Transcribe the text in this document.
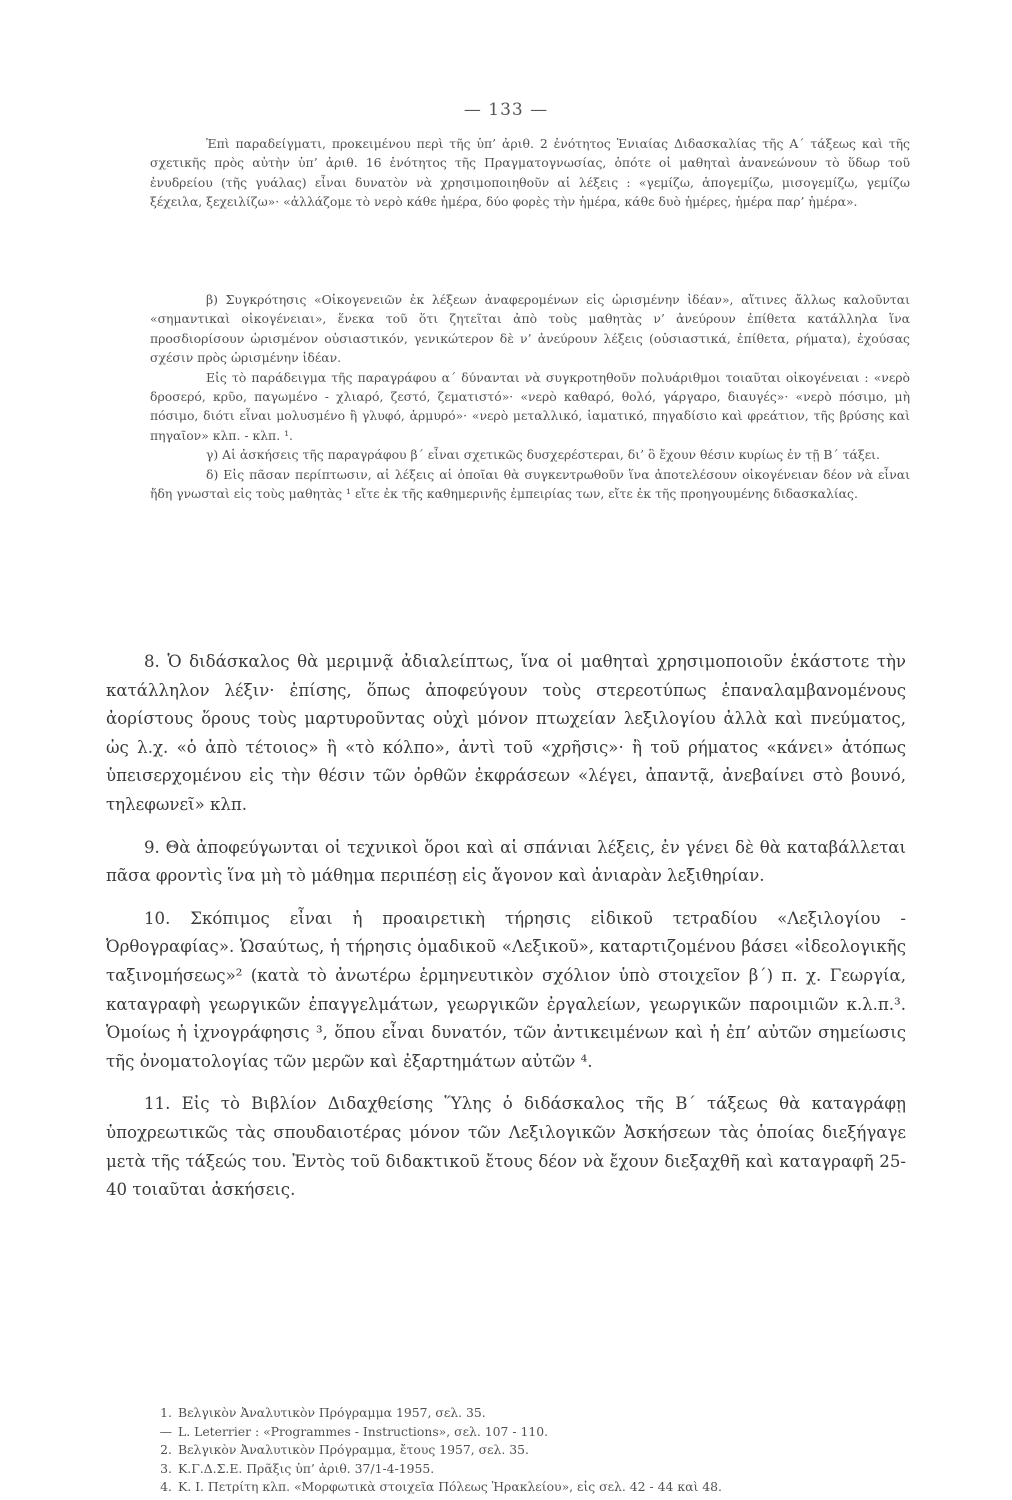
— 133 —

Ἐπὶ παραδείγματι, προκειμένου περὶ τῆς ὑπ’ ἀριθ. 2 ἐνότητος Ἑνιαίας Διδασκαλίας τῆς Α΄ τάξεως καὶ τῆς σχετικῆς πρὸς αὐτὴν ὑπ’ ἀριθ. 16 ἐνότητος τῆς Πραγματογνωσίας, ὁπότε οἱ μαθηταὶ ἀνανεώνουν τὸ ὕδωρ τοῦ ἐνυδρείου (τῆς γυάλας) εἶναι δυνατὸν νὰ χρησιμοποιηθοῦν αἱ λέξεις : «γεμίζω, ἀπογεμίζω, μισογεμίζω, γεμίζω ξέχειλα, ξεχειλίζω»· «ἀλλάζομε τὸ νερὸ κάθε ἡμέρα, δύο φορὲς τὴν ἡμέρα, κάθε δυὸ ἡμέρες, ἡμέρα παρ’ ἡμέρα».

β) Συγκρότησις «Οἰκογενειῶν ἐκ λέξεων ἀναφερομένων εἰς ὡρισμένην ἰδέαν», αἵτινες ἄλλως καλοῦνται «σημαντικαὶ οἰκογένειαι», ἕνεκα τοῦ ὅτι ζητεῖται ἀπὸ τοὺς μαθητὰς ν’ ἀνεύρουν ἐπίθετα κατάλληλα ἵνα προσδιορίσουν ὡρισμένον οὐσιαστικόν, γενικώτερον δὲ ν’ ἀνεύρουν λέξεις (οὐσιαστικά, ἐπίθετα, ρήματα), ἐχούσας σχέσιν πρὸς ὡρισμένην ἰδέαν.

Εἰς τὸ παράδειγμα τῆς παραγράφου α΄ δύνανται νὰ συγκροτηθοῦν πολυάριθμοι τοιαῦται οἰκογένειαι : «νερὸ δροσερό, κρῦο, παγωμένο - χλιαρό, ζεστό, ζεματιστό»· «νερὸ καθαρό, θολό, γάργαρο, διαυγές»· «νερὸ πόσιμο, μὴ πόσιμο, διότι εἶναι μολυσμένο ἢ γλυφό, ἁρμυρό»· «νερὸ μεταλλικό, ἰαματικό, πηγαδίσιο καὶ φρεάτιον, τῆς βρύσης καὶ πηγαῖον» κλπ. - κλπ. ¹.

γ) Αἱ ἀσκήσεις τῆς παραγράφου β΄ εἶναι σχετικῶς δυσχερέστεραι, δι’ ὃ ἔχουν θέσιν κυρίως ἐν τῇ Β΄ τάξει.

δ) Εἰς πᾶσαν περίπτωσιν, αἱ λέξεις αἱ ὁποῖαι θὰ συγκεντρωθοῦν ἵνα ἀποτελέσουν οἰκογένειαν δέον νὰ εἶναι ἤδη γνωσταὶ εἰς τοὺς μαθητὰς ¹ εἴτε ἐκ τῆς καθημερινῆς ἐμπειρίας των, εἴτε ἐκ τῆς προηγουμένης διδασκαλίας.

8. Ὁ διδάσκαλος θὰ μεριμνᾷ ἀδιαλείπτως, ἵνα οἱ μαθηταὶ χρησιμοποιοῦν ἑκάστοτε τὴν κατάλληλον λέξιν· ἐπίσης, ὅπως ἀποφεύγουν τοὺς στερεοτύπως ἐπαναλαμβανομένους ἀορίστους ὅρους τοὺς μαρτυροῦντας οὐχὶ μόνον πτωχείαν λεξιλογίου ἀλλὰ καὶ πνεύματος, ὡς λ.χ. «ὁ ἀπὸ τέτοιος» ἢ «τὸ κόλπο», ἀντὶ τοῦ «χρῆσις»· ἢ τοῦ ρήματος «κάνει» ἀτόπως ὑπεισερχομένου εἰς τὴν θέσιν τῶν ὀρθῶν ἐκφράσεων «λέγει, ἀπαντᾷ, ἀνεβαίνει στὸ βουνό, τηλεφωνεῖ» κλπ.

9. Θὰ ἀποφεύγωνται οἱ τεχνικοὶ ὅροι καὶ αἱ σπάνιαι λέξεις, ἐν γένει δὲ θὰ καταβάλλεται πᾶσα φροντὶς ἵνα μὴ τὸ μάθημα περιπέσῃ εἰς ἄγονον καὶ ἀνιαρὰν λεξιθηρίαν.

10. Σκόπιμος εἶναι ἡ προαιρετικὴ τήρησις εἰδικοῦ τετραδίου «Λεξιλογίου - Ὀρθογραφίας». Ὡσαύτως, ἡ τήρησις ὁμαδικοῦ «Λεξικοῦ», καταρτιζομένου βάσει «ἰδεολογικῆς ταξινομήσεως»² (κατὰ τὸ ἀνωτέρω ἑρμηνευτικὸν σχόλιον ὑπὸ στοιχεῖον β΄) π. χ. Γεωργία, καταγραφὴ γεωργικῶν ἐπαγγελμάτων, γεωργικῶν ἐργαλείων, γεωργικῶν παροιμιῶν κ.λ.π.³. Ὁμοίως ἡ ἰχνογράφησις ³, ὅπου εἶναι δυνατόν, τῶν ἀντικειμένων καὶ ἡ ἐπ’ αὐτῶν σημείωσις τῆς ὀνοματολογίας τῶν μερῶν καὶ ἐξαρτημάτων αὐτῶν ⁴.

11. Εἰς τὸ Βιβλίον Διδαχθείσης Ὕλης ὁ διδάσκαλος τῆς Β΄ τάξεως θὰ καταγράφῃ ὑποχρεωτικῶς τὰς σπουδαιοτέρας μόνον τῶν Λεξιλογικῶν Ἀσκήσεων τὰς ὁποίας διεξήγαγε μετὰ τῆς τάξεώς του. Ἐντὸς τοῦ διδακτικοῦ ἔτους δέον νὰ ἔχουν διεξαχθῆ καὶ καταγραφῆ 25-40 τοιαῦται ἀσκήσεις.

1. Βελγικὸν Ἀναλυτικὸν Πρόγραμμα 1957, σελ. 35.
— L. Leterrier : «Programmes - Instructions», σελ. 107 - 110.
2. Βελγικὸν Ἀναλυτικὸν Πρόγραμμα, ἔτους 1957, σελ. 35.
3. Κ.Γ.Δ.Σ.Ε. Πρᾶξις ὑπ’ ἀριθ. 37/1-4-1955.
4. Κ. Ι. Πετρίτη κλπ. «Μορφωτικὰ στοιχεῖα Πόλεως Ἡρακλείου», εἰς σελ. 42 - 44 καὶ 48.
